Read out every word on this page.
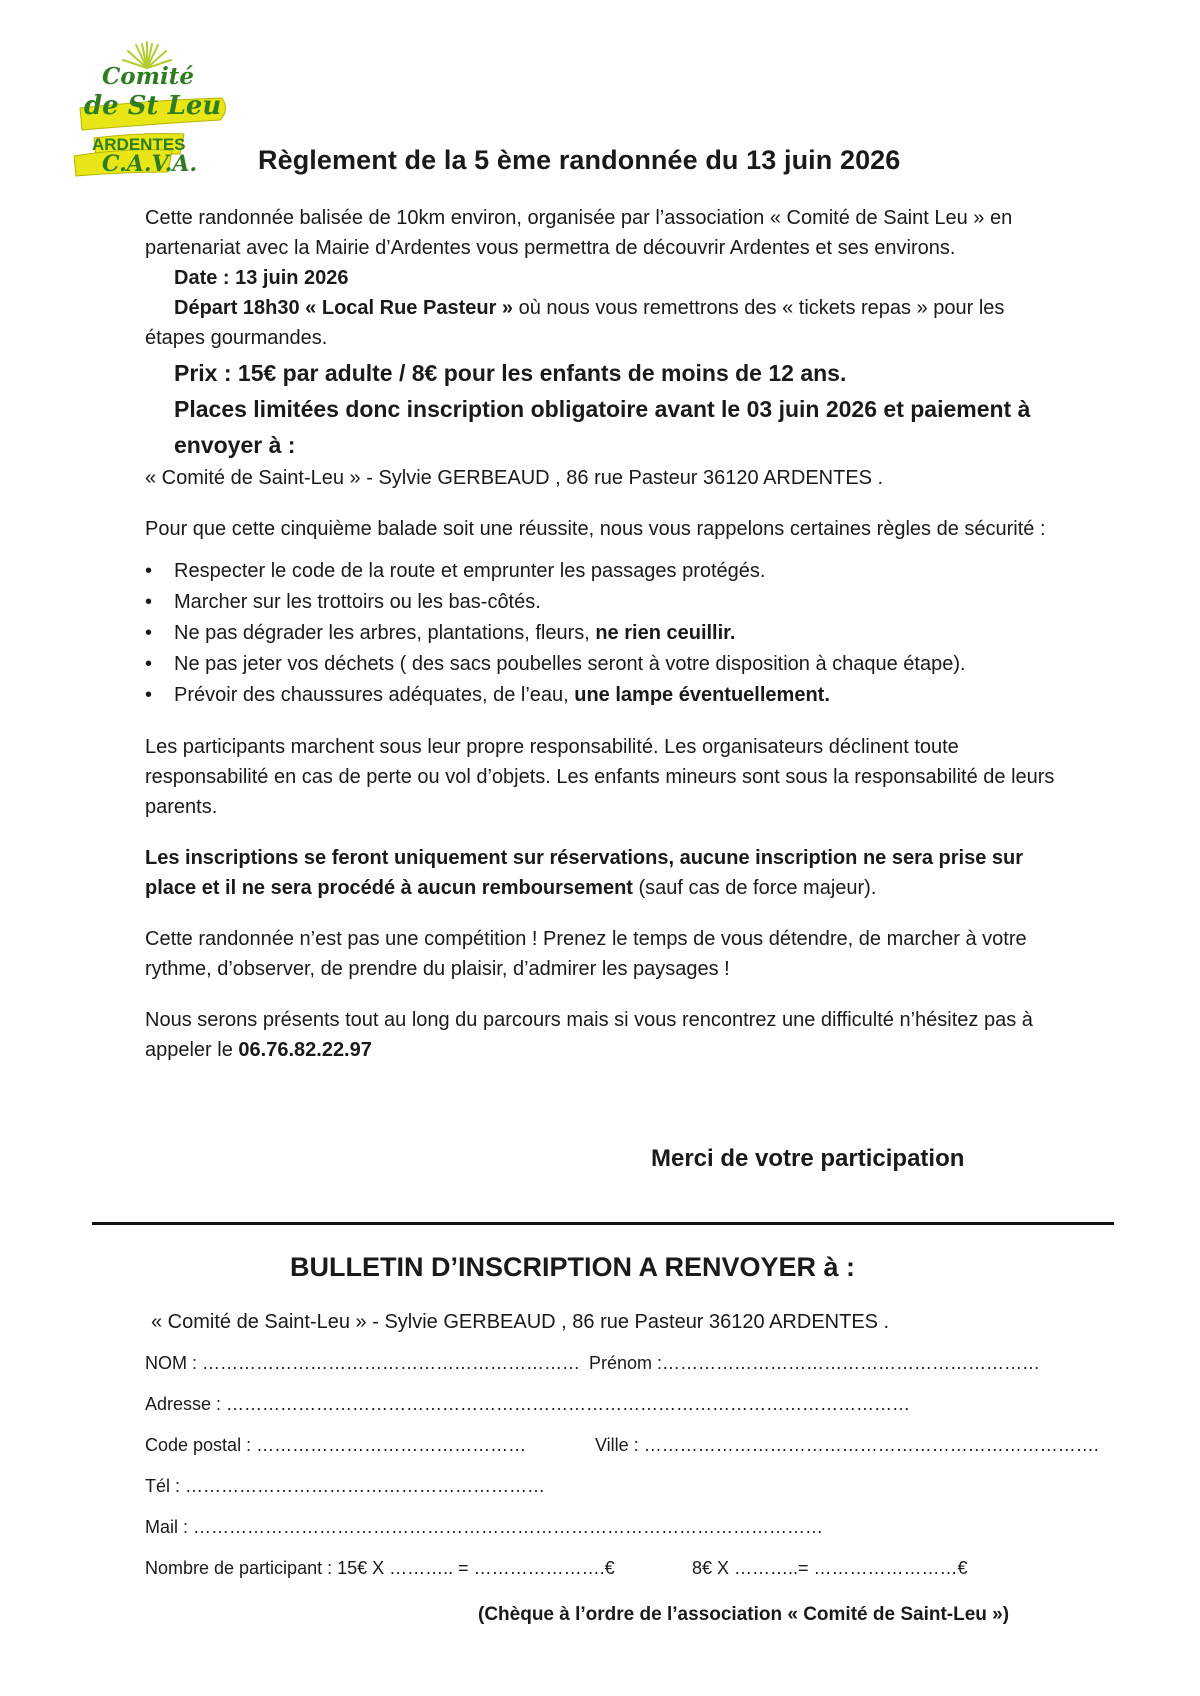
Comité
de St Leu
ARDENTES
C.A.V.A. Règlement de la 5 ème randonnée du 13 juin 2026

Cette randonnée balisée de 10km environ, organisée par l’association « Comité de Saint Leu » en partenariat avec la Mairie d’Ardentes vous permettra de découvrir Ardentes et ses environs.

Date : 13 juin 2026

Départ 18h30 « Local Rue Pasteur » où nous vous remettrons des « tickets repas » pour les étapes gourmandes.

Prix : 15€ par adulte / 8€ pour les enfants de moins de 12 ans.

Places limitées donc inscription obligatoire avant le 03 juin 2026 et paiement à envoyer à :

« Comité de Saint-Leu » - Sylvie GERBEAUD , 86 rue Pasteur 36120 ARDENTES .

Pour que cette cinquième balade soit une réussite, nous vous rappelons certaines règles de sécurité :

• Respecter le code de la route et emprunter les passages protégés.
• Marcher sur les trottoirs ou les bas-côtés.
• Ne pas dégrader les arbres, plantations, fleurs, ne rien ceuillir.
• Ne pas jeter vos déchets ( des sacs poubelles seront à votre disposition à chaque étape).
• Prévoir des chaussures adéquates, de l’eau, une lampe éventuellement.

Les participants marchent sous leur propre responsabilité. Les organisateurs déclinent toute responsabilité en cas de perte ou vol d’objets. Les enfants mineurs sont sous la responsabilité de leurs parents.

Les inscriptions se feront uniquement sur réservations, aucune inscription ne sera prise sur place et il ne sera procédé à aucun remboursement (sauf cas de force majeur).

Cette randonnée n’est pas une compétition ! Prenez le temps de vous détendre, de marcher à votre rythme, d’observer, de prendre du plaisir, d’admirer les paysages !

Nous serons présents tout au long du parcours mais si vous rencontrez une difficulté n’hésitez pas à appeler le 06.76.82.22.97

Merci de votre participation
BULLETIN D’INSCRIPTION A RENVOYER à :
« Comité de Saint-Leu » - Sylvie GERBEAUD , 86 rue Pasteur 36120 ARDENTES .
NOM : ……………………………………………………… Prénom :………………………………………………………
Adresse : ……………………………………………………………………………………………………
Code postal : ………………………………………	Ville : ………………………………………………………………….
Tél : ……………………………………………………
Mail : ……………………………………………………………………………………………
Nombre de participant : 15€ X ……….. = ………………….€	8€ X ………..= ……………………€
(Chèque à l’ordre de l’association « Comité de Saint-Leu »)
